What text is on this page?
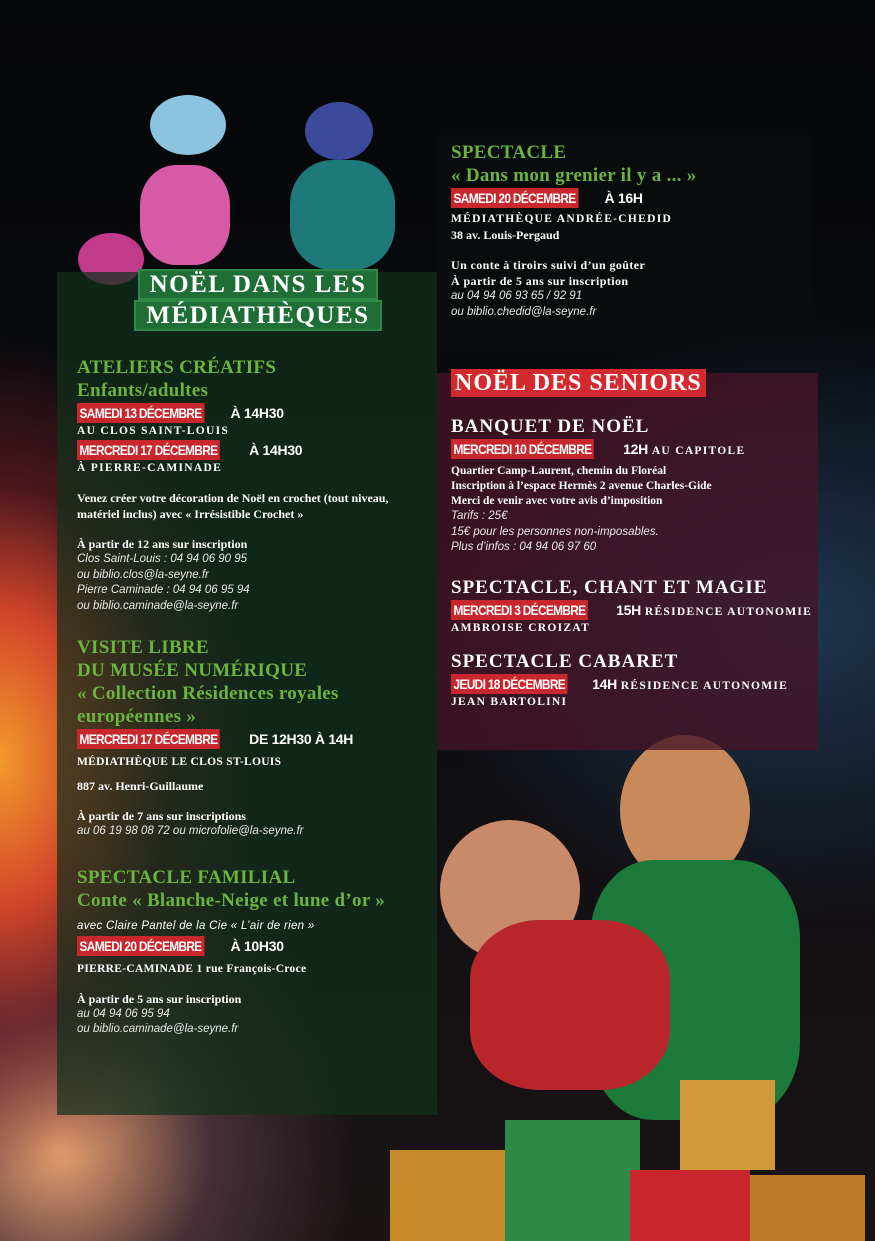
ATELIERS CRÉATIFS
Enfants/adultes
SAMEDI 13 DÉCEMBRE À 14H30
AU CLOS SAINT-LOUIS
MERCREDI 17 DÉCEMBRE À 14H30
À PIERRE-CAMINADE
Venez créer votre décoration de Noël en crochet (tout niveau, matériel inclus) avec « Irrésistible Crochet »
À partir de 12 ans sur inscription
Clos Saint-Louis : 04 94 06 90 95
ou biblio.clos@la-seyne.fr
Pierre Caminade : 04 94 06 95 94
ou biblio.caminade@la-seyne.fr
VISITE LIBRE
DU MUSÉE NUMÉRIQUE
« Collection Résidences royales européennes »
MERCREDI 17 DÉCEMBRE DE 12H30 À 14H
MÉDIATHÈQUE LE CLOS ST-LOUIS
887 av. Henri-Guillaume
À partir de 7 ans sur inscriptions
au 06 19 98 08 72 ou microfolie@la-seyne.fr
SPECTACLE FAMILIAL
Conte « Blanche-Neige et lune d’or » avec Claire Pantel de la Cie « L’air de rien »
SAMEDI 20 DÉCEMBRE À 10H30
PIERRE-CAMINADE 1 rue François-Croce
À partir de 5 ans sur inscription
au 04 94 06 95 94
ou biblio.caminade@la-seyne.fr
SPECTACLE
« Dans mon grenier il y a ... »
SAMEDI 20 DÉCEMBRE À 16H
MÉDIATHÈQUE ANDRÉE-CHEDID
38 av. Louis-Pergaud
Un conte à tiroirs suivi d’un goûter
À partir de 5 ans sur inscription
au 04 94 06 93 65 / 92 91
ou biblio.chedid@la-seyne.fr
NOËL DES SENIORS
BANQUET DE NOËL
MERCREDI 10 DÉCEMBRE 12H AU CAPITOLE
Quartier Camp-Laurent, chemin du Floréal
Inscription à l’espace Hermès 2 avenue Charles-Gide
Merci de venir avec votre avis d’imposition
Tarifs : 25€
15€ pour les personnes non-imposables.
Plus d’infos : 04 94 06 97 60
SPECTACLE, CHANT ET MAGIE
MERCREDI 3 DÉCEMBRE 15H RÉSIDENCE AUTONOMIE
AMBROISE CROIZAT
SPECTACLE CABARET
JEUDI 18 DÉCEMBRE 14H RÉSIDENCE AUTONOMIE
JEAN BARTOLINI
NOËL DANS LES
MÉDIATHÈQUES
